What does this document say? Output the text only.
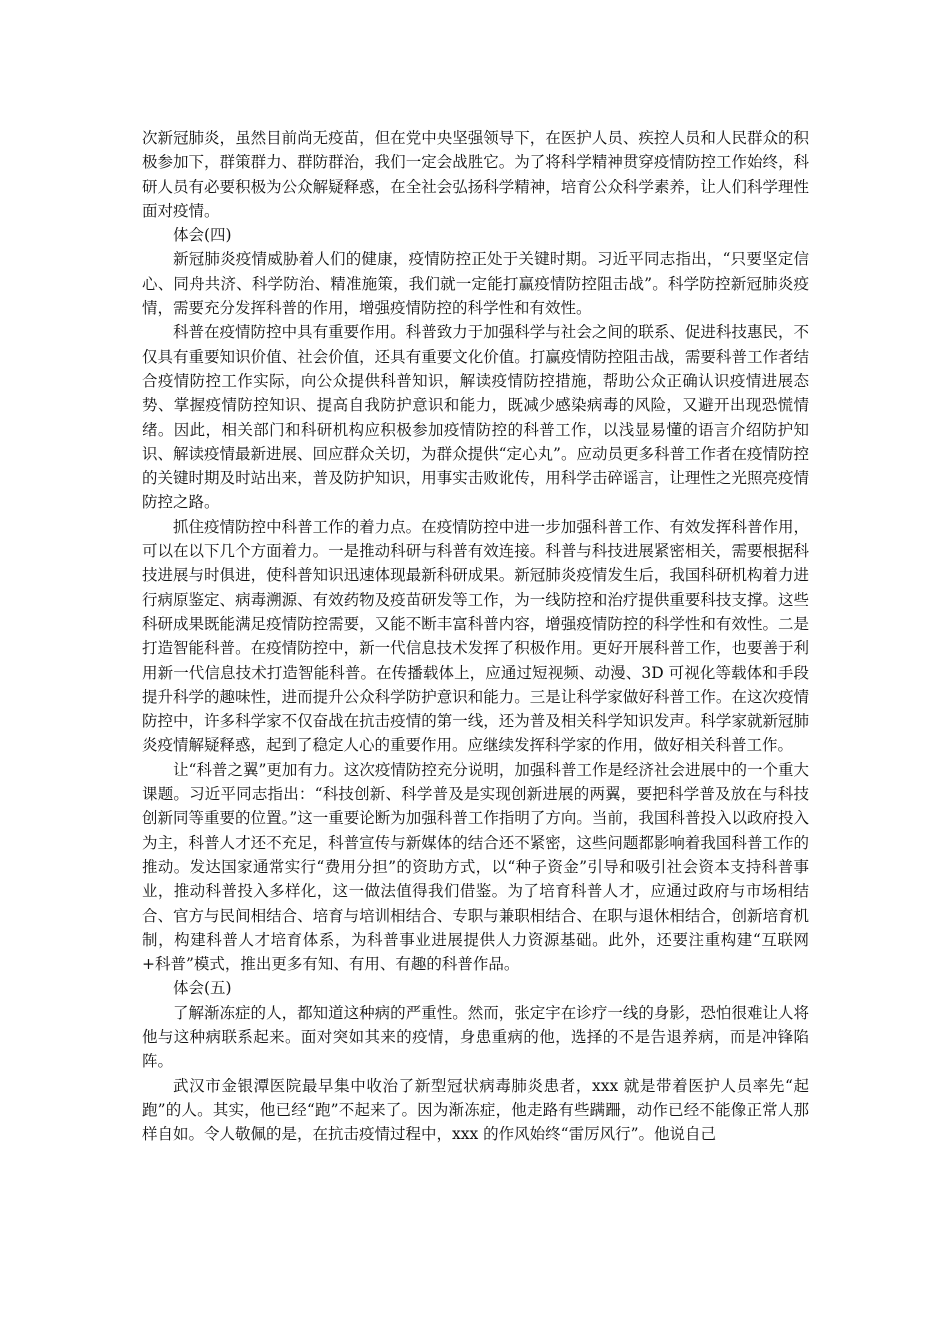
次新冠肺炎，虽然目前尚无疫苗，但在党中央坚强领导下，在医护人员、疾控人员和人民群众的积极参加下，群策群力、群防群治，我们一定会战胜它。为了将科学精神贯穿疫情防控工作始终，科研人员有必要积极为公众解疑释惑，在全社会弘扬科学精神，培育公众科学素养，让人们科学理性面对疫情。

体会(四)

新冠肺炎疫情威胁着人们的健康，疫情防控正处于关键时期。习近平同志指出，“只要坚定信心、同舟共济、科学防治、精准施策，我们就一定能打赢疫情防控阻击战”。科学防控新冠肺炎疫情，需要充分发挥科普的作用，增强疫情防控的科学性和有效性。

科普在疫情防控中具有重要作用。科普致力于加强科学与社会之间的联系、促进科技惠民，不仅具有重要知识价值、社会价值，还具有重要文化价值。打赢疫情防控阻击战，需要科普工作者结合疫情防控工作实际，向公众提供科普知识，解读疫情防控措施，帮助公众正确认识疫情进展态势、掌握疫情防控知识、提高自我防护意识和能力，既减少感染病毒的风险，又避开出现恐慌情绪。因此，相关部门和科研机构应积极参加疫情防控的科普工作，以浅显易懂的语言介绍防护知识、解读疫情最新进展、回应群众关切，为群众提供“定心丸”。应动员更多科普工作者在疫情防控的关键时期及时站出来，普及防护知识，用事实击败讹传，用科学击碎谣言，让理性之光照亮疫情防控之路。

抓住疫情防控中科普工作的着力点。在疫情防控中进一步加强科普工作、有效发挥科普作用，可以在以下几个方面着力。一是推动科研与科普有效连接。科普与科技进展紧密相关，需要根据科技进展与时俱进，使科普知识迅速体现最新科研成果。新冠肺炎疫情发生后，我国科研机构着力进行病原鉴定、病毒溯源、有效药物及疫苗研发等工作，为一线防控和治疗提供重要科技支撑。这些科研成果既能满足疫情防控需要，又能不断丰富科普内容，增强疫情防控的科学性和有效性。二是打造智能科普。在疫情防控中，新一代信息技术发挥了积极作用。更好开展科普工作，也要善于利用新一代信息技术打造智能科普。在传播载体上，应通过短视频、动漫、3D 可视化等载体和手段提升科学的趣味性，进而提升公众科学防护意识和能力。三是让科学家做好科普工作。在这次疫情防控中，许多科学家不仅奋战在抗击疫情的第一线，还为普及相关科学知识发声。科学家就新冠肺炎疫情解疑释惑，起到了稳定人心的重要作用。应继续发挥科学家的作用，做好相关科普工作。

让“科普之翼”更加有力。这次疫情防控充分说明，加强科普工作是经济社会进展中的一个重大课题。习近平同志指出：“科技创新、科学普及是实现创新进展的两翼，要把科学普及放在与科技创新同等重要的位置。”这一重要论断为加强科普工作指明了方向。当前，我国科普投入以政府投入为主，科普人才还不充足，科普宣传与新媒体的结合还不紧密，这些问题都影响着我国科普工作的推动。发达国家通常实行“费用分担”的资助方式，以“种子资金”引导和吸引社会资本支持科普事业，推动科普投入多样化，这一做法值得我们借鉴。为了培育科普人才，应通过政府与市场相结合、官方与民间相结合、培育与培训相结合、专职与兼职相结合、在职与退休相结合，创新培育机制，构建科普人才培育体系，为科普事业进展提供人力资源基础。此外，还要注重构建“互联网+科普”模式，推出更多有知、有用、有趣的科普作品。

体会(五)

了解渐冻症的人，都知道这种病的严重性。然而，张定宇在诊疗一线的身影，恐怕很难让人将他与这种病联系起来。面对突如其来的疫情，身患重病的他，选择的不是告退养病，而是冲锋陷阵。

武汉市金银潭医院最早集中收治了新型冠状病毒肺炎患者，xxx 就是带着医护人员率先“起跑”的人。其实，他已经“跑”不起来了。因为渐冻症，他走路有些蹒跚，动作已经不能像正常人那样自如。令人敬佩的是，在抗击疫情过程中，xxx 的作风始终“雷厉风行”。他说自己
